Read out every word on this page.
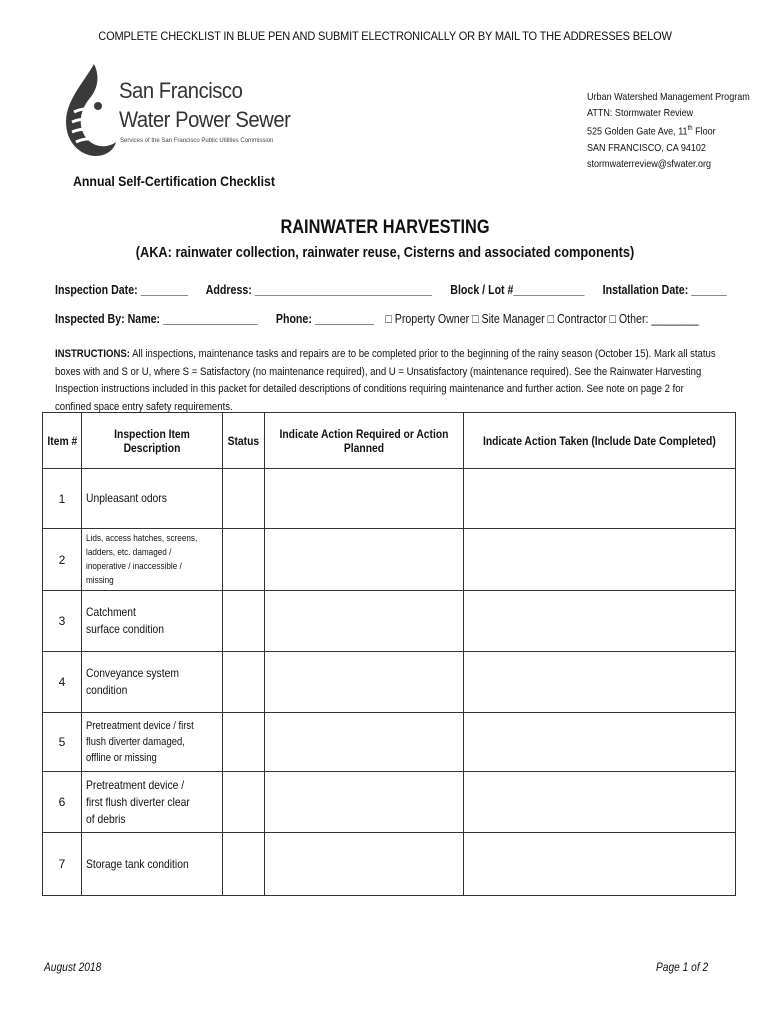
COMPLETE CHECKLIST IN BLUE PEN AND SUBMIT ELECTRONICALLY OR BY MAIL TO THE ADDRESSES BELOW
San Francisco
Water Power Sewer
Services of the San Francisco Public Utilities Commission
Urban Watershed Management Program
ATTN: Stormwater Review
525 Golden Gate Ave, 11th Floor
SAN FRANCISCO, CA 94102
stormwaterreview@sfwater.org
Annual Self-Certification Checklist
RAINWATER HARVESTING
(AKA: rainwater collection, rainwater reuse, Cisterns and associated components)
Inspection Date: ________ Address: ______________________________ Block / Lot #____________ Installation Date: ______
Inspected By: Name: ________________ Phone: __________ □ Property Owner □ Site Manager □ Contractor □ Other: ________
INSTRUCTIONS: All inspections, maintenance tasks and repairs are to be completed prior to the beginning of the rainy season (October 15). Mark all status boxes with and S or U, where S = Satisfactory (no maintenance required), and U = Unsatisfactory (maintenance required). See the Rainwater Harvesting Inspection instructions included in this packet for detailed descriptions of conditions requiring maintenance and further action. See note on page 2 for confined space entry safety requirements.
Item #	Inspection Item Description	Status	Indicate Action Required or Action Planned	Indicate Action Taken (Include Date Completed)
1	Unpleasant odors			
2	Lids, access hatches, screens, ladders, etc. damaged / inoperative / inaccessible / missing			
3	Catchment surface condition			
4	Conveyance system condition			
5	Pretreatment device / first flush diverter damaged, offline or missing			
6	Pretreatment device / first flush diverter clear of debris			
7	Storage tank condition			
August 2018	Page 1 of 2
